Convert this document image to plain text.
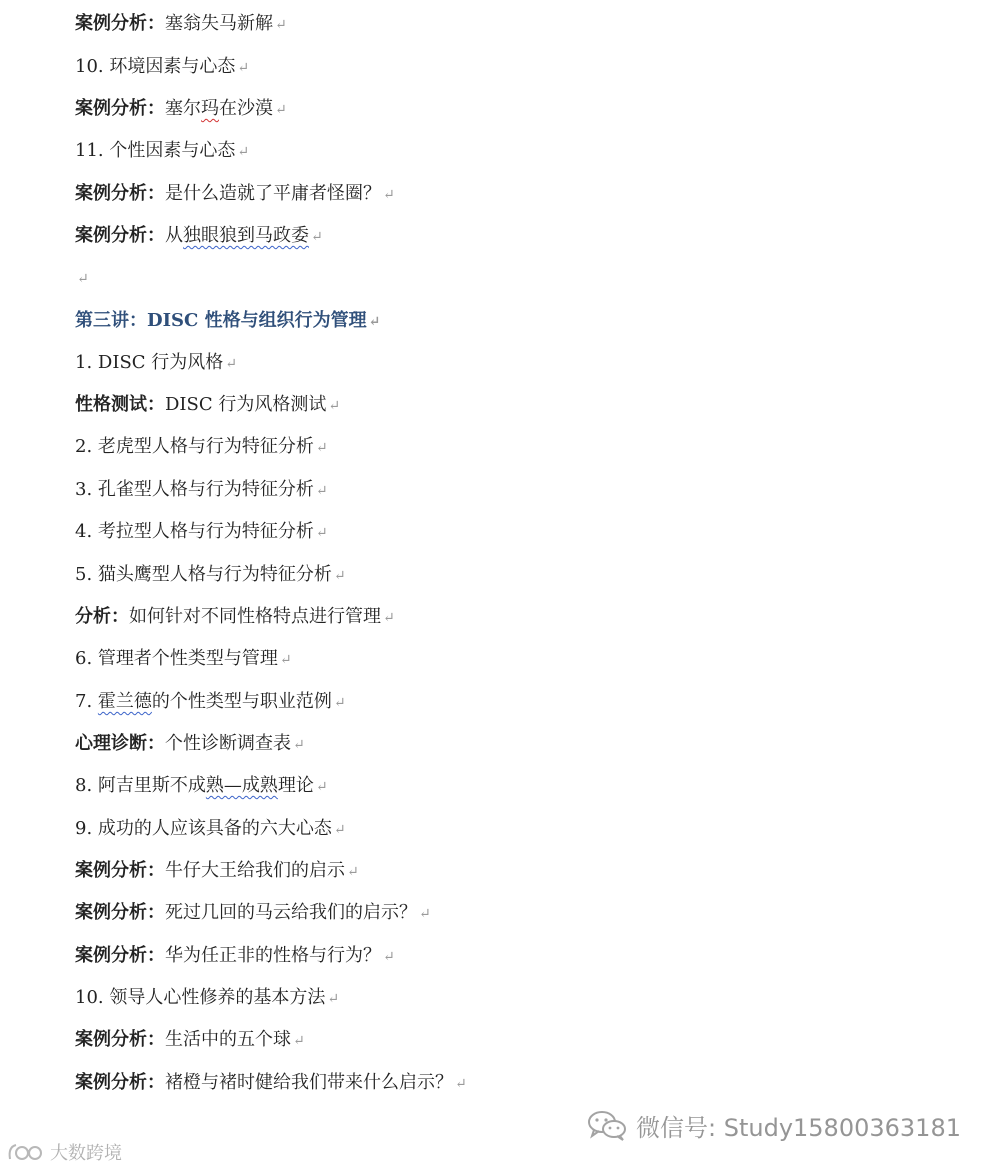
案例分析：塞翁失马新解 ↵
10. 环境因素与心态 ↵
案例分析：塞尔玛在沙漠 ↵
11. 个性因素与心态 ↵
案例分析：是什么造就了平庸者怪圈？ ↵
案例分析：从独眼狼到马政委 ↵
↵
第三讲：DISC 性格与组织行为管理 ↵
1. DISC 行为风格 ↵
性格测试：DISC 行为风格测试 ↵
2. 老虎型人格与行为特征分析 ↵
3. 孔雀型人格与行为特征分析 ↵
4. 考拉型人格与行为特征分析 ↵
5. 猫头鹰型人格与行为特征分析 ↵
分析：如何针对不同性格特点进行管理 ↵
6. 管理者个性类型与管理 ↵
7. 霍兰德的个性类型与职业范例 ↵
心理诊断：个性诊断调查表 ↵
8. 阿吉里斯不成熟—成熟理论 ↵
9. 成功的人应该具备的六大心态 ↵
案例分析：牛仔大王给我们的启示 ↵
案例分析：死过几回的马云给我们的启示？ ↵
案例分析：华为任正非的性格与行为？ ↵
10. 领导人心性修养的基本方法 ↵
案例分析：生活中的五个球 ↵
案例分析：褚橙与褚时健给我们带来什么启示？ ↵
微信号: Study15800363181
大数跨境
